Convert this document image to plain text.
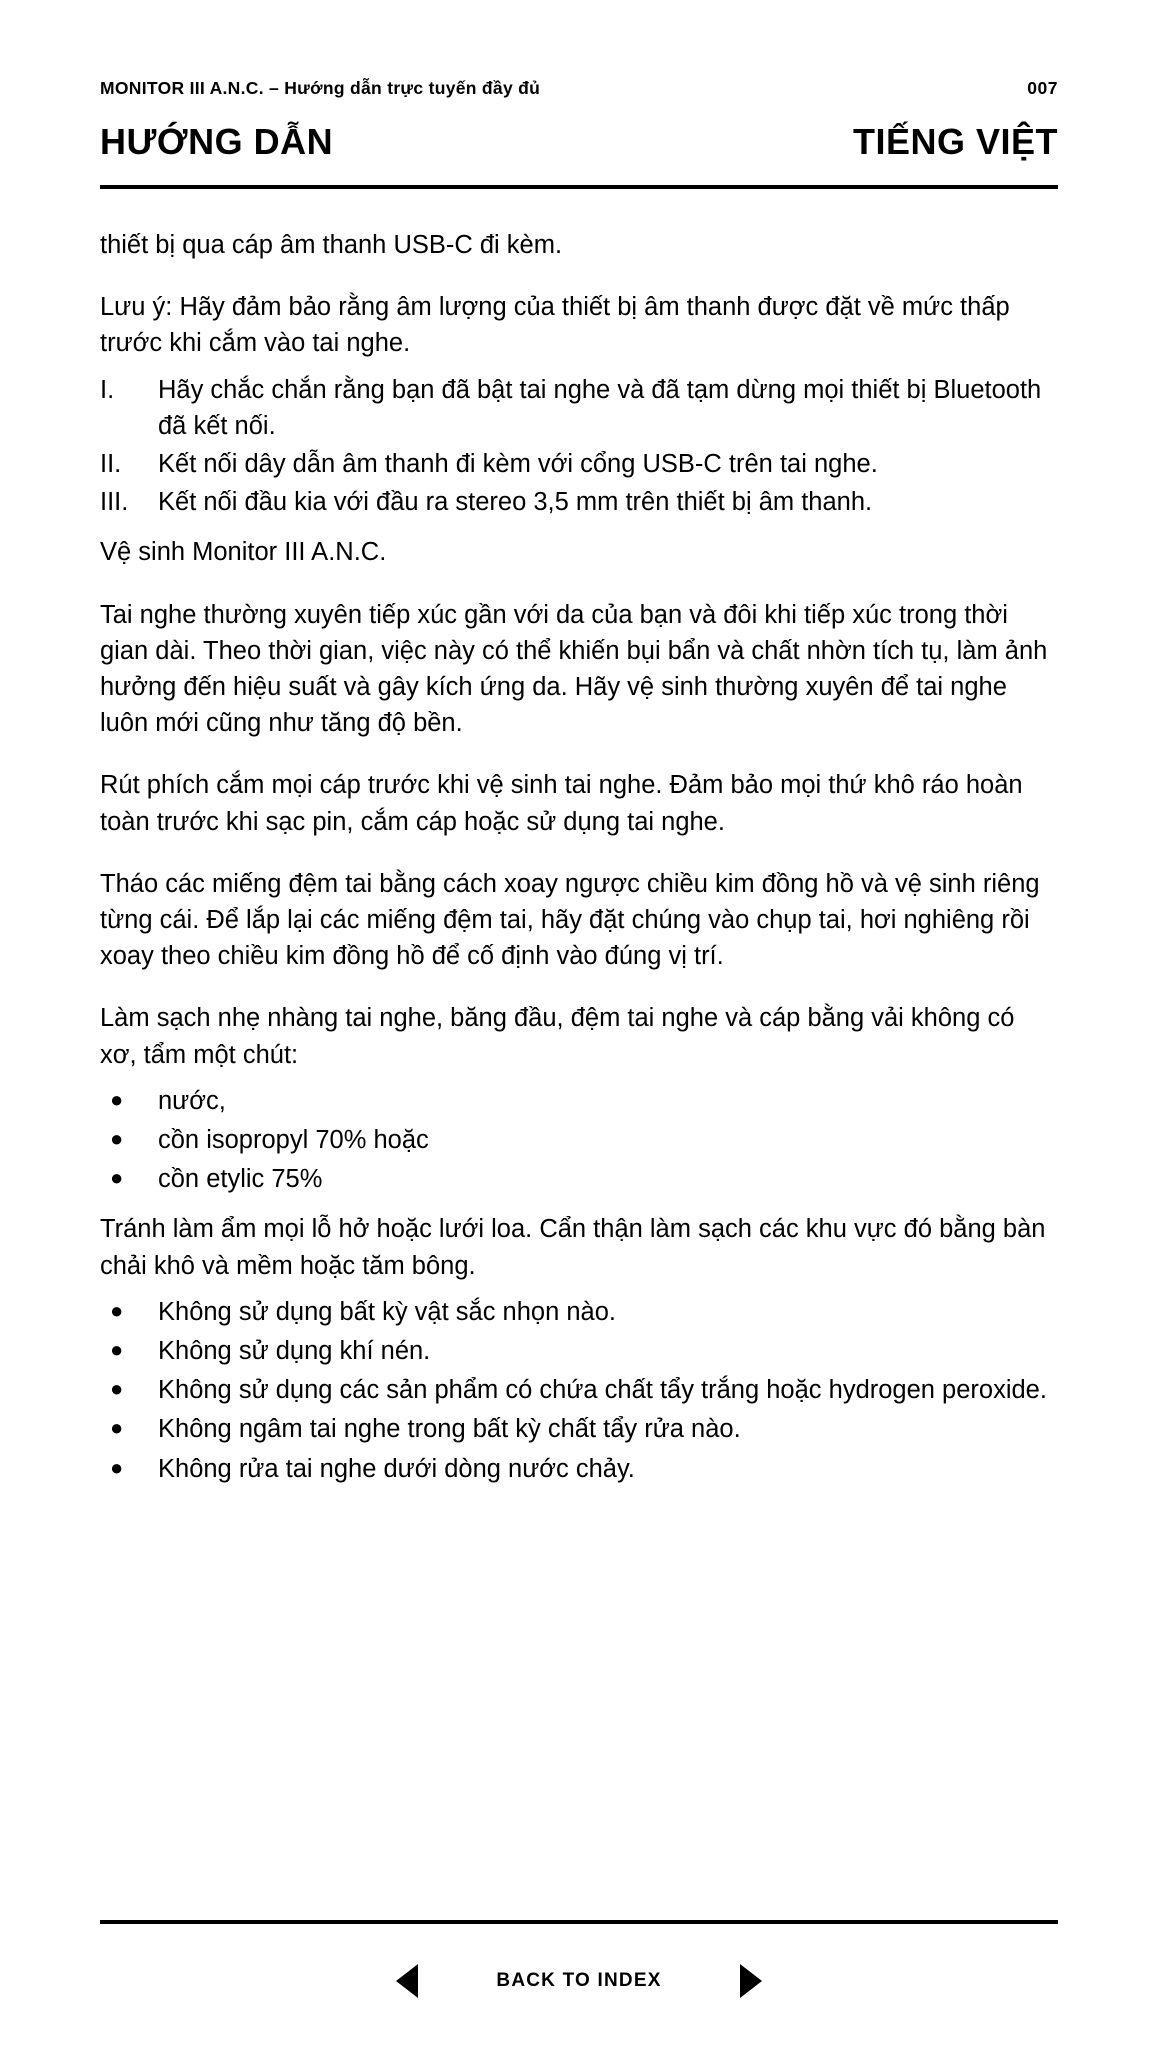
MONITOR III A.N.C. – Hướng dẫn trực tuyến đầy đủ	007
HƯỚNG DẪN	TIẾNG VIỆT

thiết bị qua cáp âm thanh USB-C đi kèm.

Lưu ý: Hãy đảm bảo rằng âm lượng của thiết bị âm thanh được đặt về mức thấp trước khi cắm vào tai nghe.

I.	Hãy chắc chắn rằng bạn đã bật tai nghe và đã tạm dừng mọi thiết bị Bluetooth đã kết nối.
II.	Kết nối dây dẫn âm thanh đi kèm với cổng USB-C trên tai nghe.
III.	Kết nối đầu kia với đầu ra stereo 3,5 mm trên thiết bị âm thanh.

Vệ sinh Monitor III A.N.C.

Tai nghe thường xuyên tiếp xúc gần với da của bạn và đôi khi tiếp xúc trong thời gian dài. Theo thời gian, việc này có thể khiến bụi bẩn và chất nhờn tích tụ, làm ảnh hưởng đến hiệu suất và gây kích ứng da. Hãy vệ sinh thường xuyên để tai nghe luôn mới cũng như tăng độ bền.

Rút phích cắm mọi cáp trước khi vệ sinh tai nghe. Đảm bảo mọi thứ khô ráo hoàn toàn trước khi sạc pin, cắm cáp hoặc sử dụng tai nghe.

Tháo các miếng đệm tai bằng cách xoay ngược chiều kim đồng hồ và vệ sinh riêng từng cái. Để lắp lại các miếng đệm tai, hãy đặt chúng vào chụp tai, hơi nghiêng rồi xoay theo chiều kim đồng hồ để cố định vào đúng vị trí.

Làm sạch nhẹ nhàng tai nghe, băng đầu, đệm tai nghe và cáp bằng vải không có xơ, tẩm một chút:

●	nước,
●	cồn isopropyl 70% hoặc
●	cồn etylic 75%

Tránh làm ẩm mọi lỗ hở hoặc lưới loa. Cẩn thận làm sạch các khu vực đó bằng bàn chải khô và mềm hoặc tăm bông.

●	Không sử dụng bất kỳ vật sắc nhọn nào.
●	Không sử dụng khí nén.
●	Không sử dụng các sản phẩm có chứa chất tẩy trắng hoặc hydrogen peroxide.
●	Không ngâm tai nghe trong bất kỳ chất tẩy rửa nào.
●	Không rửa tai nghe dưới dòng nước chảy.
BACK TO INDEX
